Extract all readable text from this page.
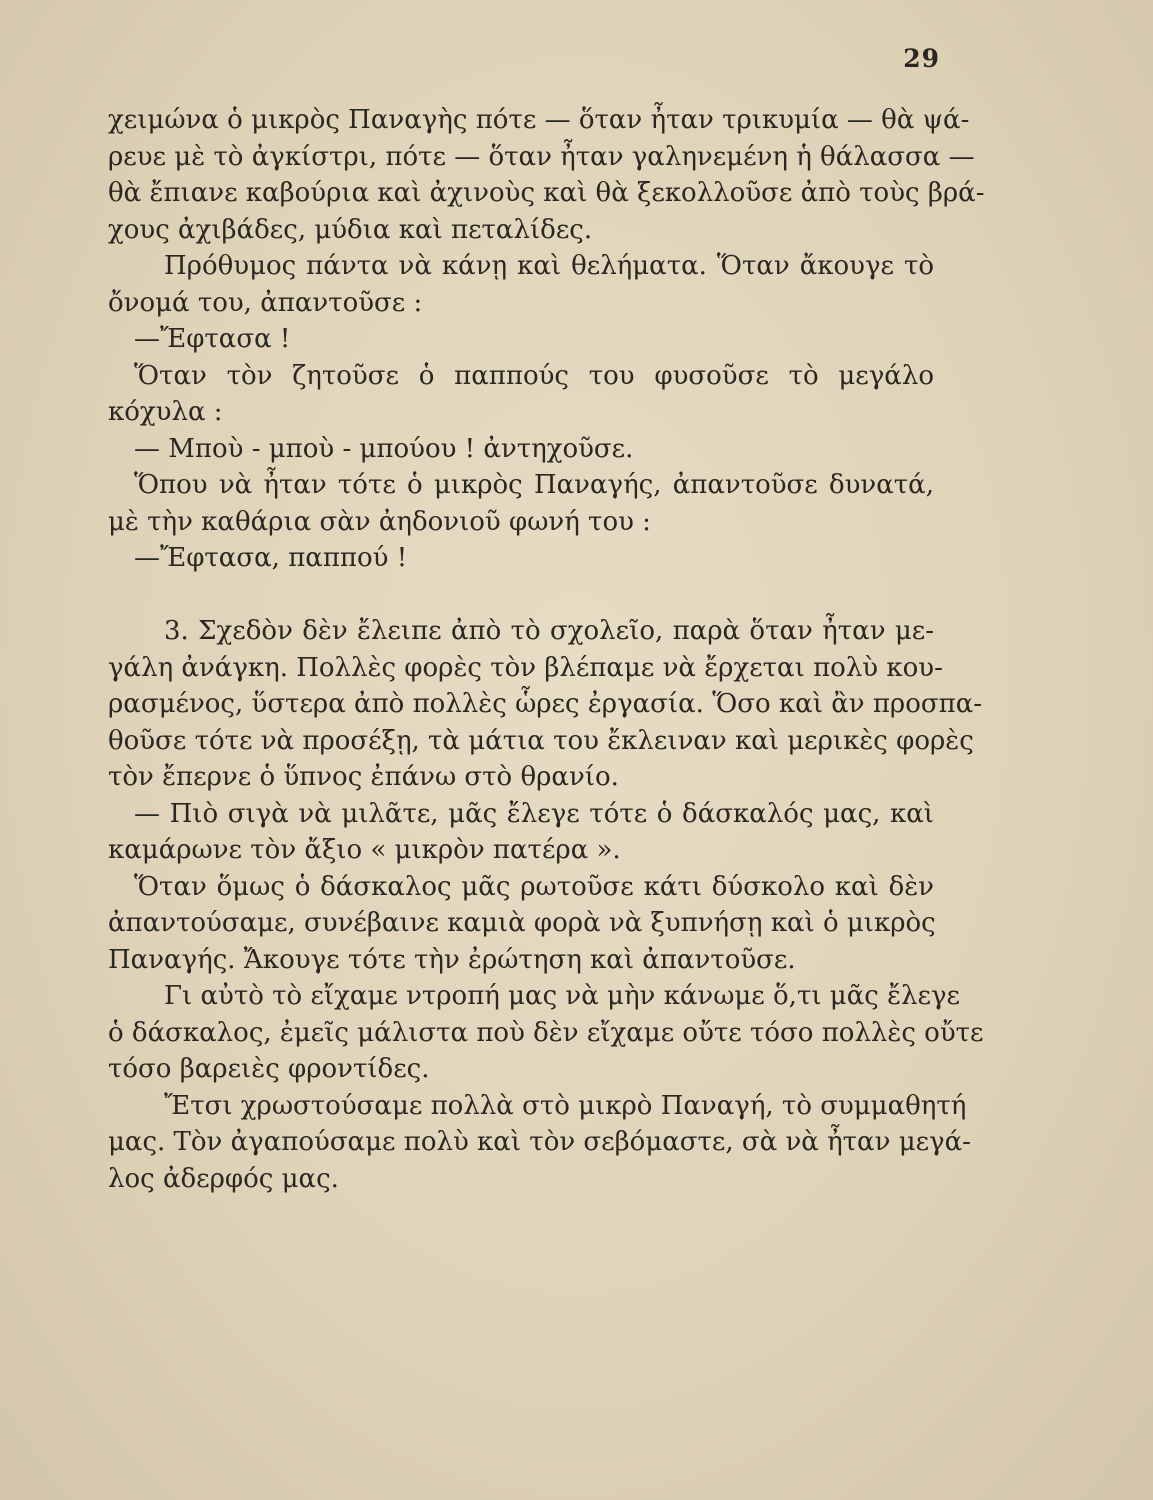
29
χειμώνα ὁ μικρὸς Παναγὴς πότε — ὅταν ἦταν τρικυμία — θὰ ψά-
ρευε μὲ τὸ ἀγκίστρι, πότε — ὅταν ἦταν γαληνεμένη ἡ θάλασσα —
θὰ ἔπιανε καβούρια καὶ ἀχινοὺς καὶ θὰ ξεκολλοῦσε ἀπὸ τοὺς βρά-
χους ἀχιβάδες, μύδια καὶ πεταλίδες.
Πρόθυμος πάντα νὰ κάνῃ καὶ θελήματα. Ὅταν ἄκουγε τὸ
ὄνομά του, ἀπαντοῦσε :
—Ἔφτασα !
Ὅταν τὸν ζητοῦσε ὁ παππούς του φυσοῦσε τὸ μεγάλο
κόχυλα :
— Μποὺ - μποὺ - μπούου ! ἀντηχοῦσε.
Ὅπου νὰ ἦταν τότε ὁ μικρὸς Παναγής, ἀπαντοῦσε δυνατά,
μὲ τὴν καθάρια σὰν ἀηδονιοῦ φωνή του :
—Ἔφτασα, παππού !
3. Σχεδὸν δὲν ἔλειπε ἀπὸ τὸ σχολεῖο, παρὰ ὅταν ἦταν με-
γάλη ἀνάγκη. Πολλὲς φορὲς τὸν βλέπαμε νὰ ἔρχεται πολὺ κου-
ρασμένος, ὕστερα ἀπὸ πολλὲς ὧρες ἐργασία. Ὅσο καὶ ἂν προσπα-
θοῦσε τότε νὰ προσέξῃ, τὰ μάτια του ἔκλειναν καὶ μερικὲς φορὲς
τὸν ἔπερνε ὁ ὕπνος ἐπάνω στὸ θρανίο.
— Πιὸ σιγὰ νὰ μιλᾶτε, μᾶς ἔλεγε τότε ὁ δάσκαλός μας, καὶ
καμάρωνε τὸν ἄξιο « μικρὸν πατέρα ».
Ὅταν ὅμως ὁ δάσκαλος μᾶς ρωτοῦσε κάτι δύσκολο καὶ δὲν
ἀπαντούσαμε, συνέβαινε καμιὰ φορὰ νὰ ξυπνήσῃ καὶ ὁ μικρὸς
Παναγής. Ἄκουγε τότε τὴν ἐρώτηση καὶ ἀπαντοῦσε.
Γι αὐτὸ τὸ εἴχαμε ντροπή μας νὰ μὴν κάνωμε ὅ,τι μᾶς ἔλεγε
ὁ δάσκαλος, ἐμεῖς μάλιστα ποὺ δὲν εἴχαμε οὔτε τόσο πολλὲς οὔτε
τόσο βαρειὲς φροντίδες.
Ἔτσι χρωστούσαμε πολλὰ στὸ μικρὸ Παναγή, τὸ συμμαθητή
μας. Τὸν ἀγαπούσαμε πολὺ καὶ τὸν σεβόμαστε, σὰ νὰ ἦταν μεγά-
λος ἀδερφός μας.
